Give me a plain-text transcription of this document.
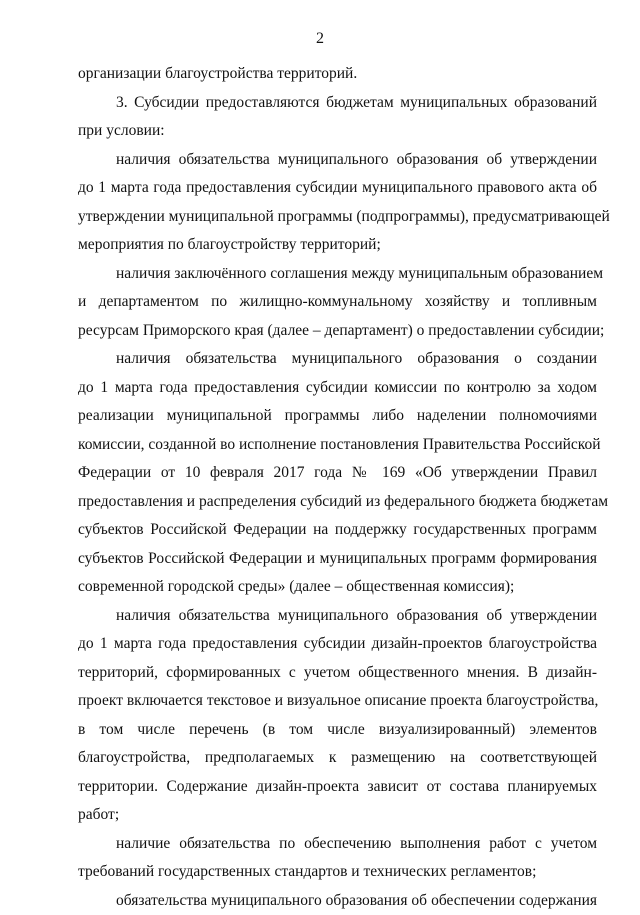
2
организации благоустройства территорий.
3. Субсидии предоставляются бюджетам муниципальных образований
при условии:
наличия обязательства муниципального образования об утверждении
до 1 марта года предоставления субсидии муниципального правового акта об
утверждении муниципальной программы (подпрограммы), предусматривающей
мероприятия по благоустройству территорий;
наличия заключённого соглашения между муниципальным образованием
и департаментом по жилищно-коммунальному хозяйству и топливным
ресурсам Приморского края (далее – департамент) о предоставлении субсидии;
наличия обязательства муниципального образования о создании
до 1 марта года предоставления субсидии комиссии по контролю за ходом
реализации муниципальной программы либо наделении полномочиями
комиссии, созданной во исполнение постановления Правительства Российской
Федерации от 10 февраля 2017 года № 169 «Об утверждении Правил
предоставления и распределения субсидий из федерального бюджета бюджетам
субъектов Российской Федерации на поддержку государственных программ
субъектов Российской Федерации и муниципальных программ формирования
современной городской среды» (далее – общественная комиссия);
наличия обязательства муниципального образования об утверждении
до 1 марта года предоставления субсидии дизайн-проектов благоустройства
территорий, сформированных с учетом общественного мнения. В дизайн-
проект включается текстовое и визуальное описание проекта благоустройства,
в том числе перечень (в том числе визуализированный) элементов
благоустройства, предполагаемых к размещению на соответствующей
территории. Содержание дизайн-проекта зависит от состава планируемых
работ;
наличие обязательства по обеспечению выполнения работ с учетом
требований государственных стандартов и технических регламентов;
обязательства муниципального образования об обеспечении содержания
